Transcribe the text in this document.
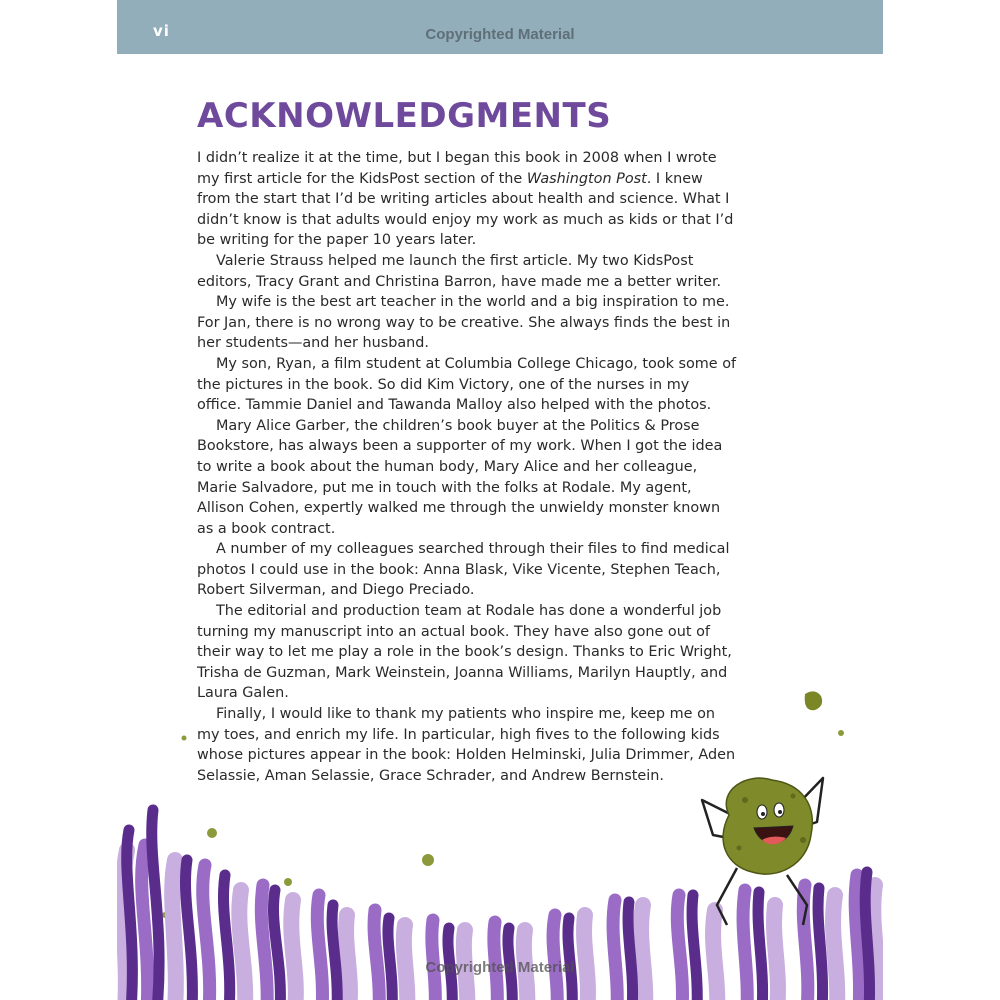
vi	Copyrighted Material
ACKNOWLEDGMENTS

I didn’t realize it at the time, but I began this book in 2008 when I wrote my first article for the KidsPost section of the Washington Post. I knew from the start that I’d be writing articles about health and science. What I didn’t know is that adults would enjoy my work as much as kids or that I’d be writing for the paper 10 years later.

Valerie Strauss helped me launch the first article. My two KidsPost editors, Tracy Grant and Christina Barron, have made me a better writer.

My wife is the best art teacher in the world and a big inspiration to me. For Jan, there is no wrong way to be creative. She always finds the best in her students—and her husband.

My son, Ryan, a film student at Columbia College Chicago, took some of the pictures in the book. So did Kim Victory, one of the nurses in my office. Tammie Daniel and Tawanda Malloy also helped with the photos.

Mary Alice Garber, the children’s book buyer at the Politics & Prose Bookstore, has always been a supporter of my work. When I got the idea to write a book about the human body, Mary Alice and her colleague, Marie Salvadore, put me in touch with the folks at Rodale. My agent, Allison Cohen, expertly walked me through the unwieldy monster known as a book contract.

A number of my colleagues searched through their files to find medical photos I could use in the book: Anna Blask, Vike Vicente, Stephen Teach, Robert Silverman, and Diego Preciado.

The editorial and production team at Rodale has done a wonderful job turning my manuscript into an actual book. They have also gone out of their way to let me play a role in the book’s design. Thanks to Eric Wright, Trisha de Guzman, Mark Weinstein, Joanna Williams, Marilyn Hauptly, and Laura Galen.

Finally, I would like to thank my patients who inspire me, keep me on my toes, and enrich my life. In particular, high fives to the following kids whose pictures appear in the book: Holden Helminski, Julia Drimmer, Aden Selassie, Aman Selassie, Grace Schrader, and Andrew Bernstein.

Copyrighted Material
